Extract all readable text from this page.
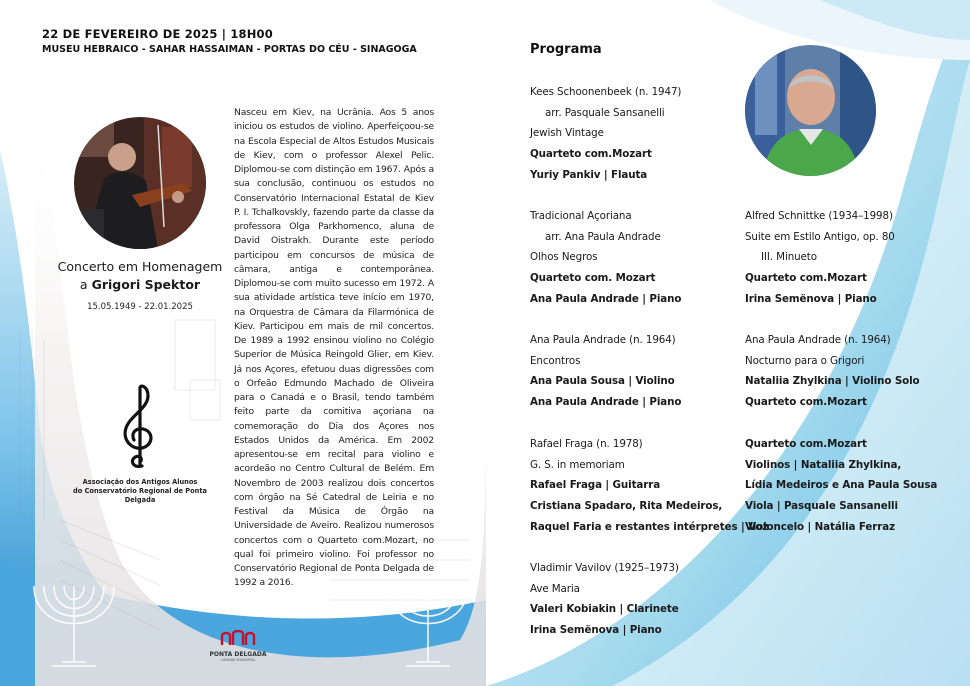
22 DE FEVEREIRO DE 2025 | 18H00
MUSEU HEBRAICO - SAHAR HASSAIMAN - PORTAS DO CÉU - SINAGOGA
Concerto em Homenagem
a Grigori Spektor
15.05.1949 - 22.01.2025
Associação dos Antigos Alunos
do Conservatório Regional de Ponta Delgada
Nasceu em Kiev, na Ucrânia. Aos 5 anos iniciou os estudos de violino. Aperfeiçoou-se na Escola Especial de Altos Estudos Musicais de Kiev, com o professor Alexel Pelic. Diplomou-se com distinção em 1967. Após a sua conclusão, continuou os estudos no Conservatório Internacional Estatal de Kiev P. I. Tchalkovskly, fazendo parte da classe da professora Olga Parkhomenco, aluna de David Oistrakh. Durante este período participou em concursos de música de câmara, antiga e contemporânea. Diplomou-se com muito sucesso em 1972. A sua atividade artística teve início em 1970, na Orquestra de Câmara da Filarmónica de Kiev. Participou em mais de mil concertos. De 1989 a 1992 ensinou violino no Colégio Superior de Música Reingold Glier, em Kiev. Já nos Açores, efetuou duas digressões com o Orfeão Edmundo Machado de Oliveira para o Canadá e o Brasil, tendo também feito parte da comitiva açoriana na comemoração do Dia dos Açores nos Estados Unidos da América. Em 2002 apresentou-se em recital para violino e acordeão no Centro Cultural de Belém. Em Novembro de 2003 realizou dois concertos com órgão na Sé Catedral de Leiria e no Festival da Música de Órgão na Universidade de Aveiro. Realizou numerosos concertos com o Quarteto com.Mozart, no qual foi primeiro violino. Foi professor no Conservatório Regional de Ponta Delgada de 1992 a 2016.
PONTA DELGADA
CÂMARA MUNICIPAL
Programa
Kees Schoonenbeek (n. 1947)
arr. Pasquale Sansanelli
Jewish Vintage
Quarteto com.Mozart
Yuriy Pankiv | Flauta
Tradicional Açoriana
arr. Ana Paula Andrade
Olhos Negros
Quarteto com. Mozart
Ana Paula Andrade | Piano
Ana Paula Andrade (n. 1964)
Encontros
Ana Paula Sousa | Violino
Ana Paula Andrade | Piano
Rafael Fraga (n. 1978)
G. S. in memoriam
Rafael Fraga | Guitarra
Cristiana Spadaro, Rita Medeiros,
Raquel Faria e restantes intérpretes | Voz
Vladimir Vavilov (1925–1973)
Ave Maria
Valeri Kobiakin | Clarinete
Irina Semënova | Piano
Alfred Schnittke (1934–1998)
Suite em Estilo Antigo, op. 80
III. Minueto
Quarteto com.Mozart
Irina Semënova | Piano
Ana Paula Andrade (n. 1964)
Nocturno para o Grigori
Nataliia Zhylkina | Violino Solo
Quarteto com.Mozart
Quarteto com.Mozart
Violinos | Nataliia Zhylkina,
Lídia Medeiros e Ana Paula Sousa
Viola | Pasquale Sansanelli
Violoncelo | Natália Ferraz
